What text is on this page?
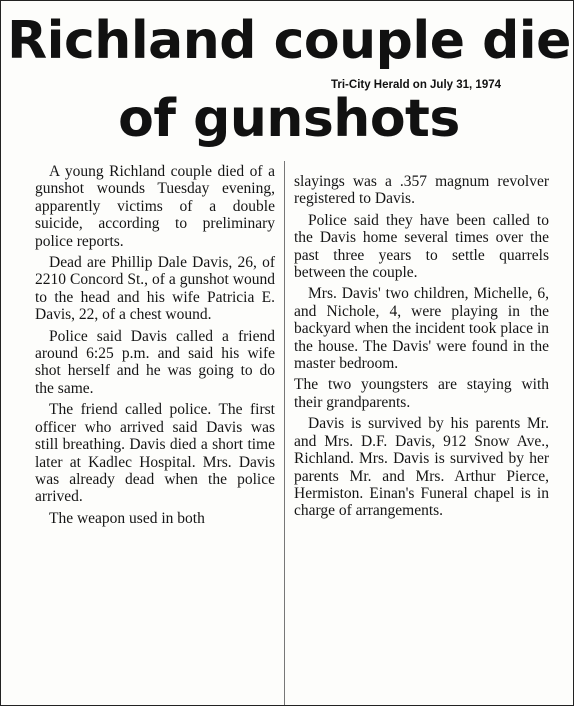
Richland couple die
Tri-City Herald on July 31, 1974
of gunshots

A young Richland couple died of a gunshot wounds Tuesday evening, apparently victims of a double suicide, according to preliminary police reports.

Dead are Phillip Dale Davis, 26, of 2210 Concord St., of a gunshot wound to the head and his wife Patricia E. Davis, 22, of a chest wound.

Police said Davis called a friend around 6:25 p.m. and said his wife shot herself and he was going to do the same.

The friend called police. The first officer who arrived said Davis was still breathing. Davis died a short time later at Kadlec Hospital. Mrs. Davis was already dead when the police arrived.

The weapon used in both

slayings was a .357 magnum revolver registered to Davis.

Police said they have been called to the Davis home several times over the past three years to settle quarrels between the couple.

Mrs. Davis' two children, Michelle, 6, and Nichole, 4, were playing in the backyard when the incident took place in the house. The Davis' were found in the master bedroom.

The two youngsters are staying with their grandparents.

Davis is survived by his parents Mr. and Mrs. D.F. Davis, 912 Snow Ave., Richland. Mrs. Davis is survived by her parents Mr. and Mrs. Arthur Pierce, Hermiston. Einan's Funeral chapel is in charge of arrangements.
